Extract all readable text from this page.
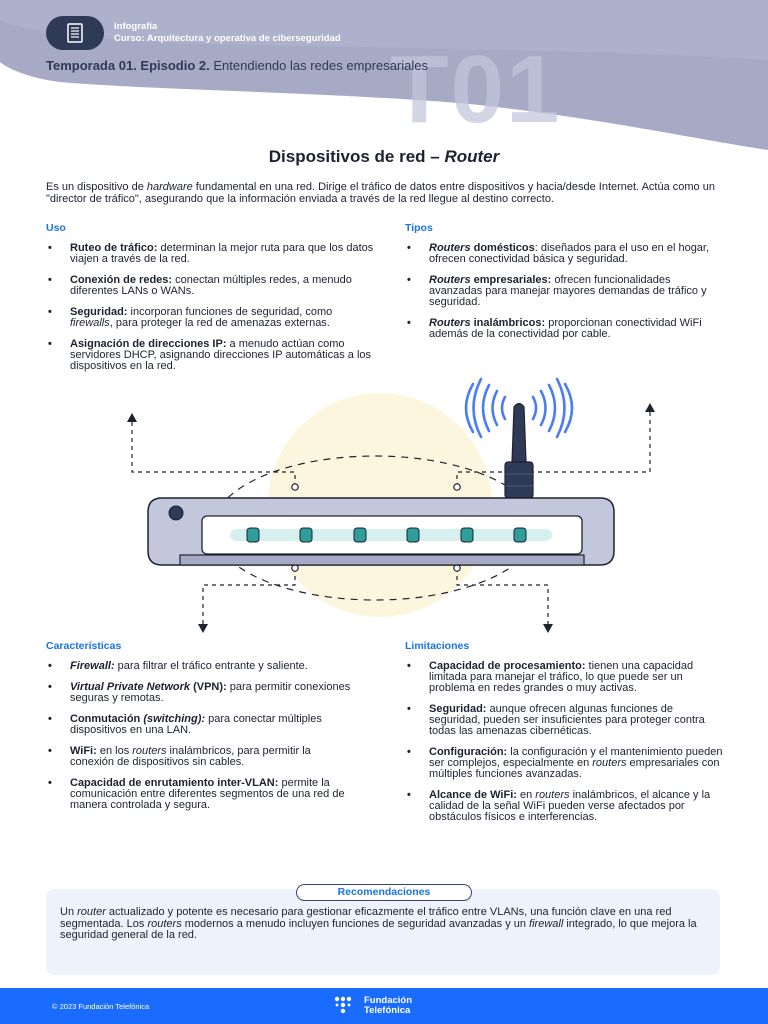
T01
Infografía
Curso: Arquitectura y operativa de ciberseguridad
Temporada 01. Episodio 2. Entendiendo las redes empresariales
Dispositivos de red – Router

Es un dispositivo de hardware fundamental en una red. Dirige el tráfico de datos entre dispositivos y hacia/desde Internet. Actúa como un "director de tráfico", asegurando que la información enviada a través de la red llegue al destino correcto.

Uso
• Ruteo de tráfico: determinan la mejor ruta para que los datos viajen a través de la red.
• Conexión de redes: conectan múltiples redes, a menudo diferentes LANs o WANs.
• Seguridad: incorporan funciones de seguridad, como firewalls, para proteger la red de amenazas externas.
• Asignación de direcciones IP: a menudo actúan como servidores DHCP, asignando direcciones IP automáticas a los dispositivos en la red.
Tipos
• Routers domésticos: diseñados para el uso en el hogar, ofrecen conectividad básica y seguridad.
• Routers empresariales: ofrecen funcionalidades avanzadas para manejar mayores demandas de tráfico y seguridad.
• Routers inalámbricos: proporcionan conectividad WiFi además de la conectividad por cable.
Características
• Firewall: para filtrar el tráfico entrante y saliente.
• Virtual Private Network (VPN): para permitir conexiones seguras y remotas.
• Conmutación (switching): para conectar múltiples dispositivos en una LAN.
• WiFi: en los routers inalámbricos, para permitir la conexión de dispositivos sin cables.
• Capacidad de enrutamiento inter-VLAN: permite la comunicación entre diferentes segmentos de una red de manera controlada y segura.
Limitaciones
• Capacidad de procesamiento: tienen una capacidad limitada para manejar el tráfico, lo que puede ser un problema en redes grandes o muy activas.
• Seguridad: aunque ofrecen algunas funciones de seguridad, pueden ser insuficientes para proteger contra todas las amenazas cibernéticas.
• Configuración: la configuración y el mantenimiento pueden ser complejos, especialmente en routers empresariales con múltiples funciones avanzadas.
• Alcance de WiFi: en routers inalámbricos, el alcance y la calidad de la señal WiFi pueden verse afectados por obstáculos físicos e interferencias.
Recomendaciones

Un router actualizado y potente es necesario para gestionar eficazmente el tráfico entre VLANs, una función clave en una red segmentada. Los routers modernos a menudo incluyen funciones de seguridad avanzadas y un firewall integrado, lo que mejora la seguridad general de la red.

© 2023 Fundación Telefónica
Fundación
Telefónica
